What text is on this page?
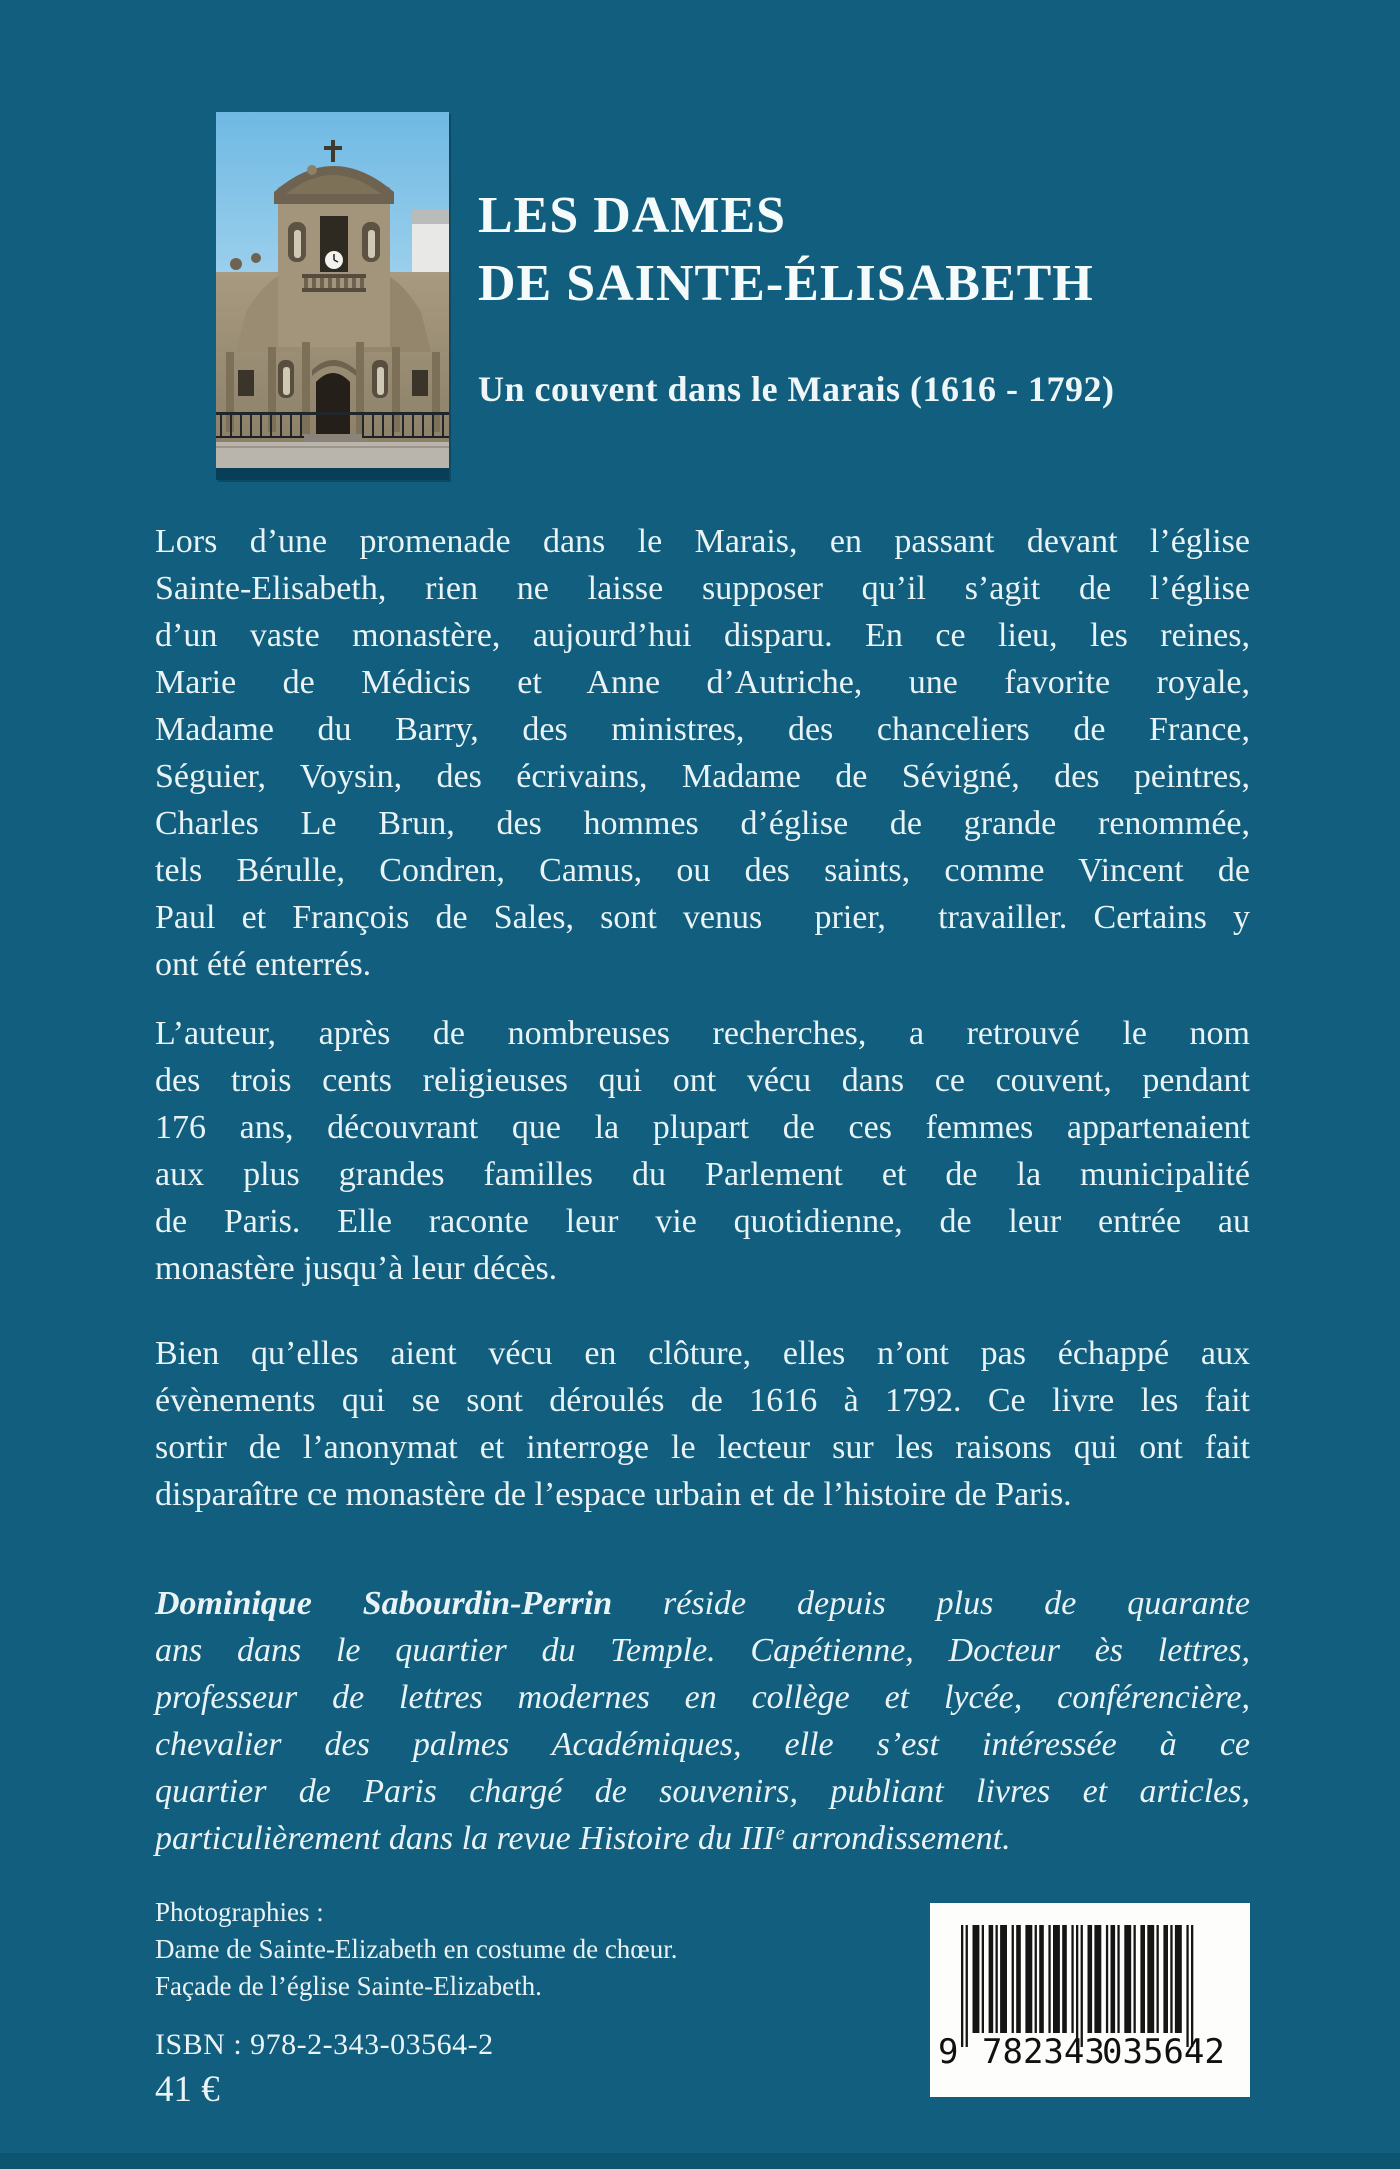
LES DAMES
DE SAINTE-ÉLISABETH
Un couvent dans le Marais (1616 - 1792)
Lors d’une promenade dans le Marais, en passant devant l’église
Sainte-Elisabeth, rien ne laisse supposer qu’il s’agit de l’église
d’un vaste monastère, aujourd’hui disparu. En ce lieu, les reines,
Marie de Médicis et Anne d’Autriche, une favorite royale,
Madame du Barry, des ministres, des chanceliers de France,
Séguier, Voysin, des écrivains, Madame de Sévigné, des peintres,
Charles Le Brun, des hommes d’église de grande renommée,
tels Bérulle, Condren, Camus, ou des saints, comme Vincent de
Paul et François de Sales, sont venus  prier,  travailler. Certains y
ont été enterrés.
L’auteur, après de nombreuses recherches, a retrouvé le nom
des trois cents religieuses qui ont vécu dans ce couvent, pendant
176 ans, découvrant que la plupart de ces femmes appartenaient
aux plus grandes familles du Parlement et de la municipalité
de Paris. Elle raconte leur vie quotidienne, de leur entrée au
monastère jusqu’à leur décès.
Bien qu’elles aient vécu en clôture, elles n’ont pas échappé aux
évènements qui se sont déroulés de 1616 à 1792. Ce livre les fait
sortir de l’anonymat et interroge le lecteur sur les raisons qui ont fait
disparaître ce monastère de l’espace urbain et de l’histoire de Paris.
Dominique Sabourdin-Perrin réside depuis plus de quarante
ans dans le quartier du Temple. Capétienne, Docteur ès lettres,
professeur de lettres modernes en collège et lycée, conférencière,
chevalier des palmes Académiques, elle s’est intéressée à ce
quartier de Paris chargé de souvenirs, publiant livres et articles,
particulièrement dans la revue Histoire du IIIᵉ arrondissement.
Photographies :
Dame de Sainte-Elizabeth en costume de chœur.
Façade de l’église Sainte-Elizabeth.
ISBN : 978-2-343-03564-2
41 €
9 782343
035642
